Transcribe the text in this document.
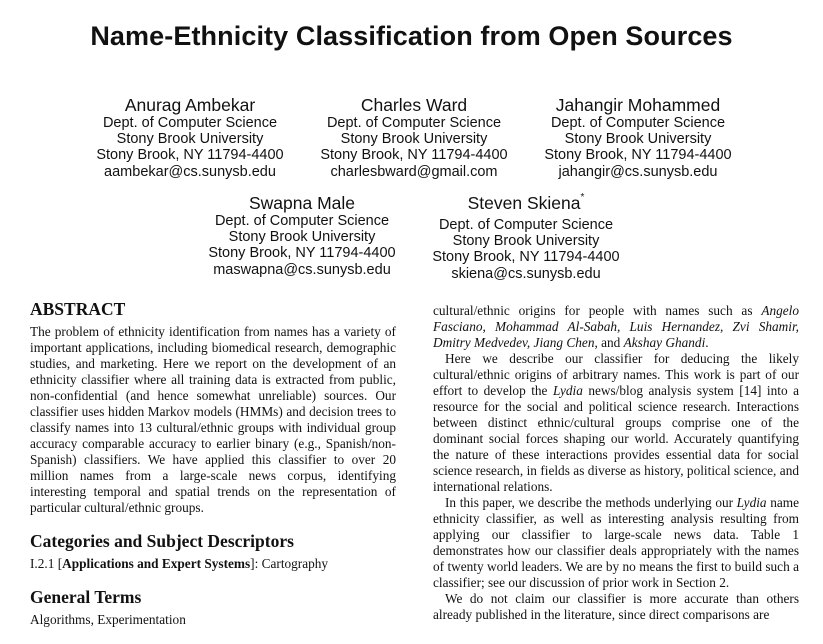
Name-Ethnicity Classification from Open Sources
Anurag Ambekar
Dept. of Computer Science
Stony Brook University
Stony Brook, NY 11794-4400
aambekar@cs.sunysb.edu
Charles Ward
Dept. of Computer Science
Stony Brook University
Stony Brook, NY 11794-4400
charlesbward@gmail.com
Jahangir Mohammed
Dept. of Computer Science
Stony Brook University
Stony Brook, NY 11794-4400
jahangir@cs.sunysb.edu
Swapna Male
Dept. of Computer Science
Stony Brook University
Stony Brook, NY 11794-4400
maswapna@cs.sunysb.edu
Steven Skiena*
Dept. of Computer Science
Stony Brook University
Stony Brook, NY 11794-4400
skiena@cs.sunysb.edu
ABSTRACT

The problem of ethnicity identification from names has a variety of important applications, including biomedical research, demographic studies, and marketing. Here we report on the development of an ethnicity classifier where all training data is extracted from public, non-confidential (and hence somewhat unreliable) sources. Our classifier uses hidden Markov models (HMMs) and decision trees to classify names into 13 cultural/ethnic groups with individual group accuracy comparable accuracy to earlier binary (e.g., Spanish/non-Spanish) classifiers. We have applied this classifier to over 20 million names from a large-scale news corpus, identifying interesting temporal and spatial trends on the representation of particular cultural/ethnic groups.

Categories and Subject Descriptors

I.2.1 [Applications and Expert Systems]: Cartography

General Terms

Algorithms, Experimentation

cultural/ethnic origins for people with names such as Angelo Fasciano, Mohammad Al-Sabah, Luis Hernandez, Zvi Shamir, Dmitry Medvedev, Jiang Chen, and Akshay Ghandi.

Here we describe our classifier for deducing the likely cultural/ethnic origins of arbitrary names. This work is part of our effort to develop the Lydia news/blog analysis system [14] into a resource for the social and political science research. Interactions between distinct ethnic/cultural groups comprise one of the dominant social forces shaping our world. Accurately quantifying the nature of these interactions provides essential data for social science research, in fields as diverse as history, political science, and international relations.

In this paper, we describe the methods underlying our Lydia name ethnicity classifier, as well as interesting analysis resulting from applying our classifier to large-scale news data. Table 1 demonstrates how our classifier deals appropriately with the names of twenty world leaders. We are by no means the first to build such a classifier; see our discussion of prior work in Section 2.

We do not claim our classifier is more accurate than others already published in the literature, since direct comparisons are
